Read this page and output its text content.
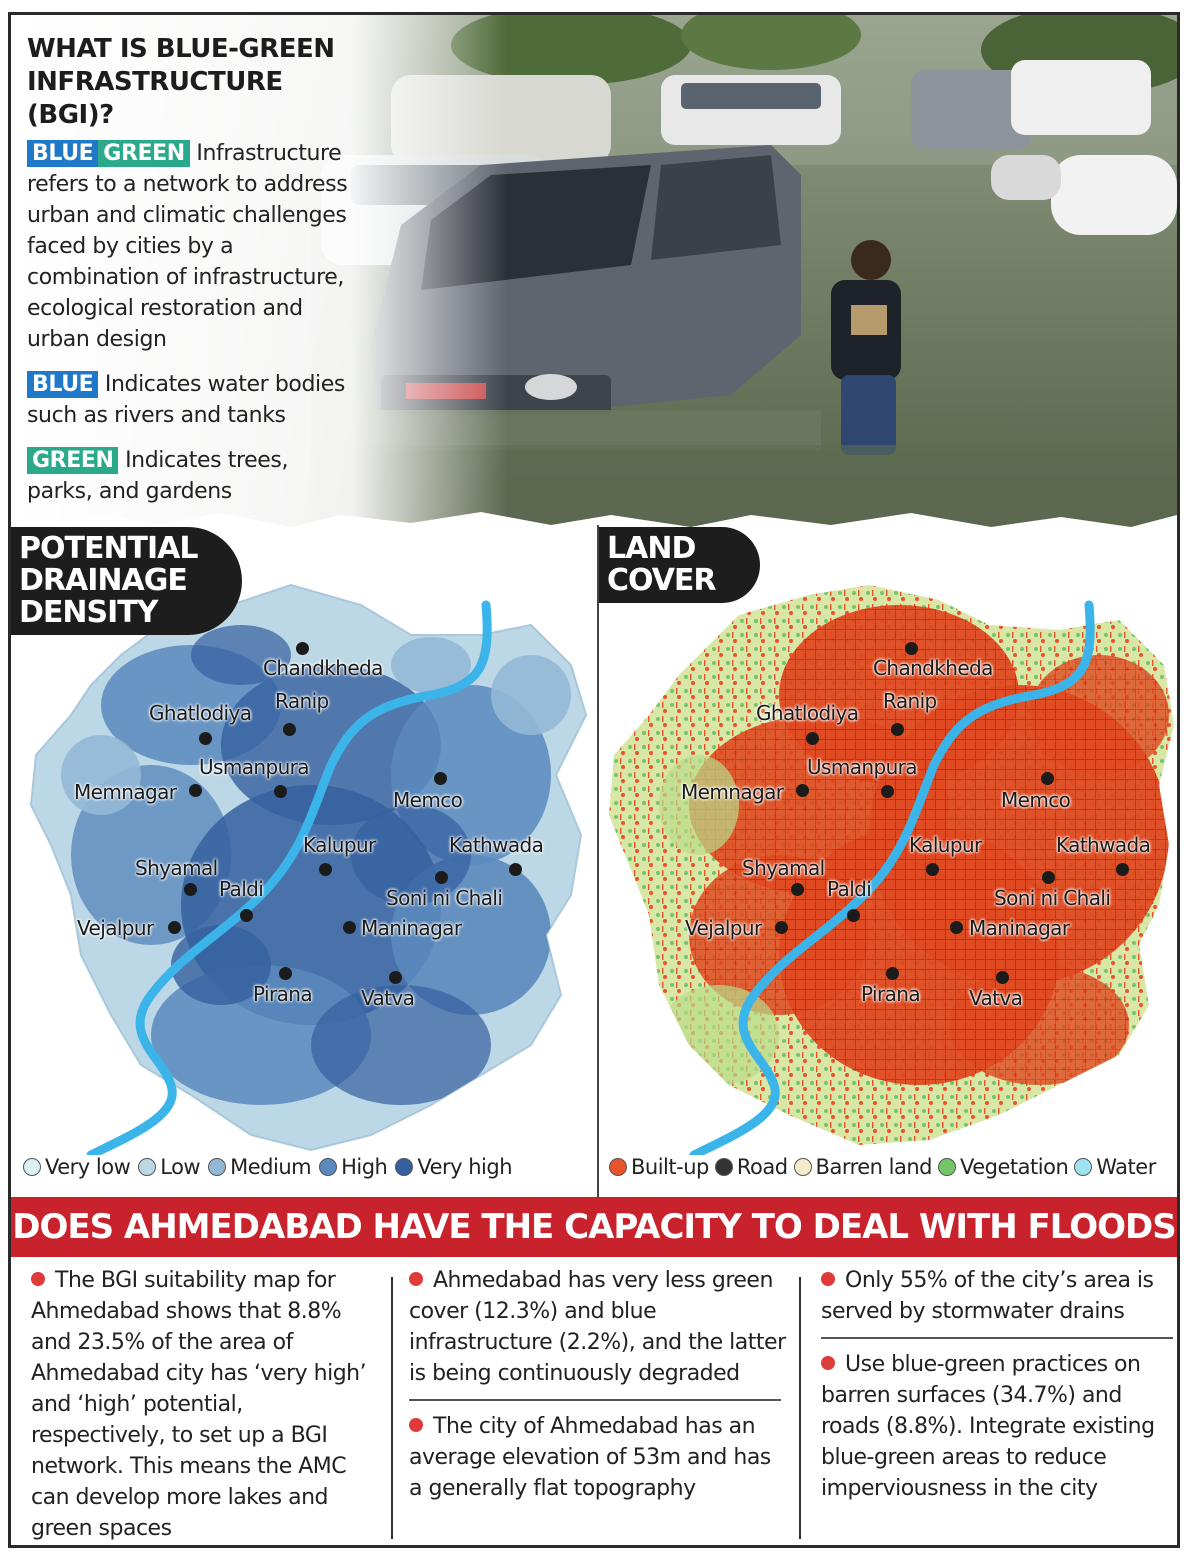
WHAT IS BLUE-GREEN
INFRASTRUCTURE (BGI)?
BLUE GREEN Infrastructure refers to a network to address urban and climatic challenges faced by cities by a combination of infrastructure, ecological restoration and urban design
BLUE Indicates water bodies such as rivers and tanks
GREEN Indicates trees, parks, and gardens
POTENTIAL
DRAINAGE
DENSITY
Chandkheda
Ranip
Ghatlodiya
Usmanpura
Memnagar	Memco
Kalupur	Kathwada
Shyamal
Paldi	Soni ni Chali
Vejalpur	Maninagar
Pirana Vatva
Very low Low Medium High Very high
LAND
COVER
Chandkheda
Ranip
Ghatlodiya
Usmanpura
Memnagar	Memco
Kalupur	Kathwada
Shyamal
Paldi	Soni ni Chali
Vejalpur	Maninagar
Pirana Vatva
Built-up Road Barren land Vegetation Water
DOES AHMEDABAD HAVE THE CAPACITY TO DEAL WITH FLOODS
The BGI suitability map for Ahmedabad shows that 8.8% and 23.5% of the area of Ahmedabad city has ‘very high’ and ‘high’ potential, respectively, to set up a BGI network. This means the AMC can develop more lakes and green spaces
Ahmedabad has very less green cover (12.3%) and blue infrastructure (2.2%), and the latter is being continuously degraded
The city of Ahmedabad has an average elevation of 53m and has a generally flat topography
Only 55% of the city’s area is served by stormwater drains
Use blue-green practices on barren surfaces (34.7%) and roads (8.8%). Integrate existing blue-green areas to reduce imperviousness in the city
